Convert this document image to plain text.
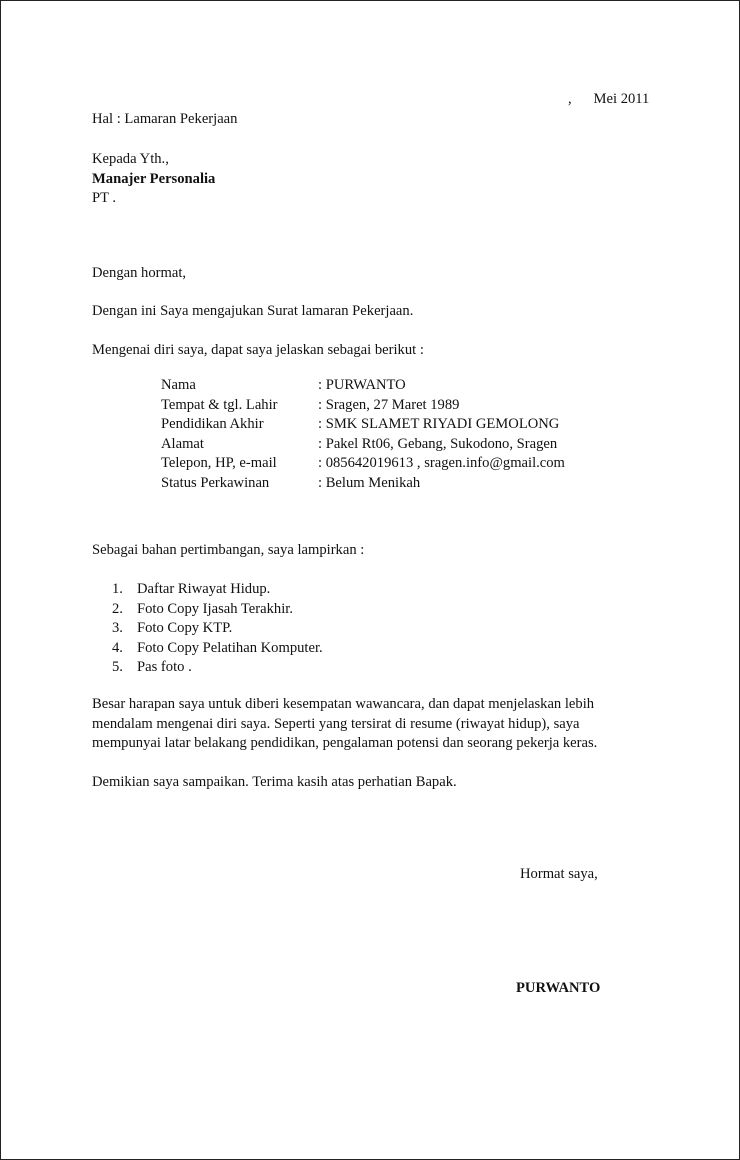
,      Mei 2011
Hal : Lamaran Pekerjaan
Kepada Yth.,
Manajer Personalia
PT .
Dengan hormat,
Dengan ini Saya mengajukan Surat lamaran Pekerjaan.
Mengenai diri saya, dapat saya jelaskan sebagai berikut :
Nama	: PURWANTO
Tempat & tgl. Lahir	: Sragen, 27 Maret 1989
Pendidikan Akhir	: SMK SLAMET RIYADI GEMOLONG
Alamat	: Pakel Rt06, Gebang, Sukodono, Sragen
Telepon, HP, e-mail	: 085642019613 , sragen.info@gmail.com
Status Perkawinan	: Belum Menikah
Sebagai bahan pertimbangan, saya lampirkan :
1. Daftar Riwayat Hidup.
2. Foto Copy Ijasah Terakhir.
3. Foto Copy KTP.
4. Foto Copy Pelatihan Komputer.
5. Pas foto .
Besar harapan saya untuk diberi kesempatan wawancara, dan dapat menjelaskan lebih
mendalam mengenai diri saya. Seperti yang tersirat di resume (riwayat hidup), saya
mempunyai latar belakang pendidikan, pengalaman potensi dan seorang pekerja keras.
Demikian saya sampaikan. Terima kasih atas perhatian Bapak.
Hormat saya,
PURWANTO
